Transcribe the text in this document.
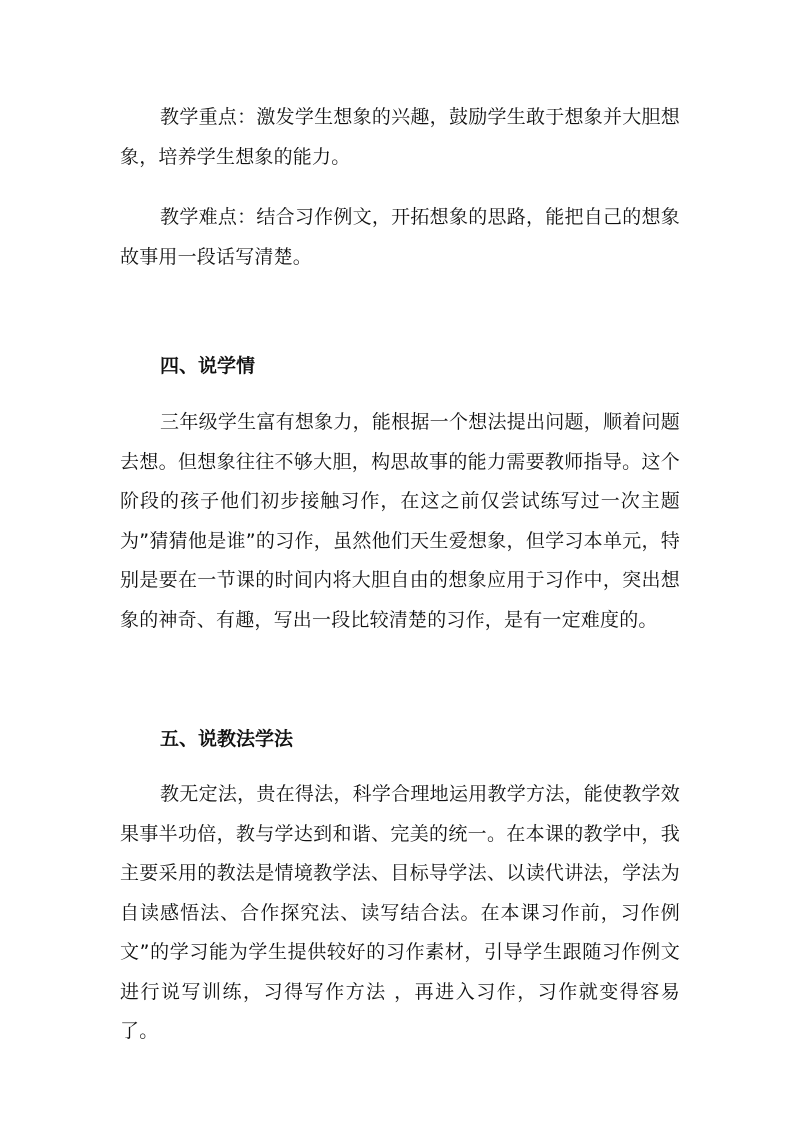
教学重点：激发学生想象的兴趣，鼓励学生敢于想象并大胆想象，培养学生想象的能力。

教学难点：结合习作例文，开拓想象的思路，能把自己的想象故事用一段话写清楚。

四、说学情

三年级学生富有想象力，能根据一个想法提出问题，顺着问题去想。但想象往往不够大胆，构思故事的能力需要教师指导。这个阶段的孩子他们初步接触习作，在这之前仅尝试练写过一次主题为”猜猜他是谁”的习作，虽然他们天生爱想象，但学习本单元，特别是要在一节课的时间内将大胆自由的想象应用于习作中，突出想象的神奇、有趣，写出一段比较清楚的习作，是有一定难度的。

五、说教法学法

教无定法，贵在得法，科学合理地运用教学方法，能使教学效果事半功倍，教与学达到和谐、完美的统一。在本课的教学中，我主要采用的教法是情境教学法、目标导学法、以读代讲法，学法为自读感悟法、合作探究法、读写结合法。在本课习作前，习作例文”的学习能为学生提供较好的习作素材，引导学生跟随习作例文进行说写训练，习得写作方法 ，再进入习作，习作就变得容易了。
